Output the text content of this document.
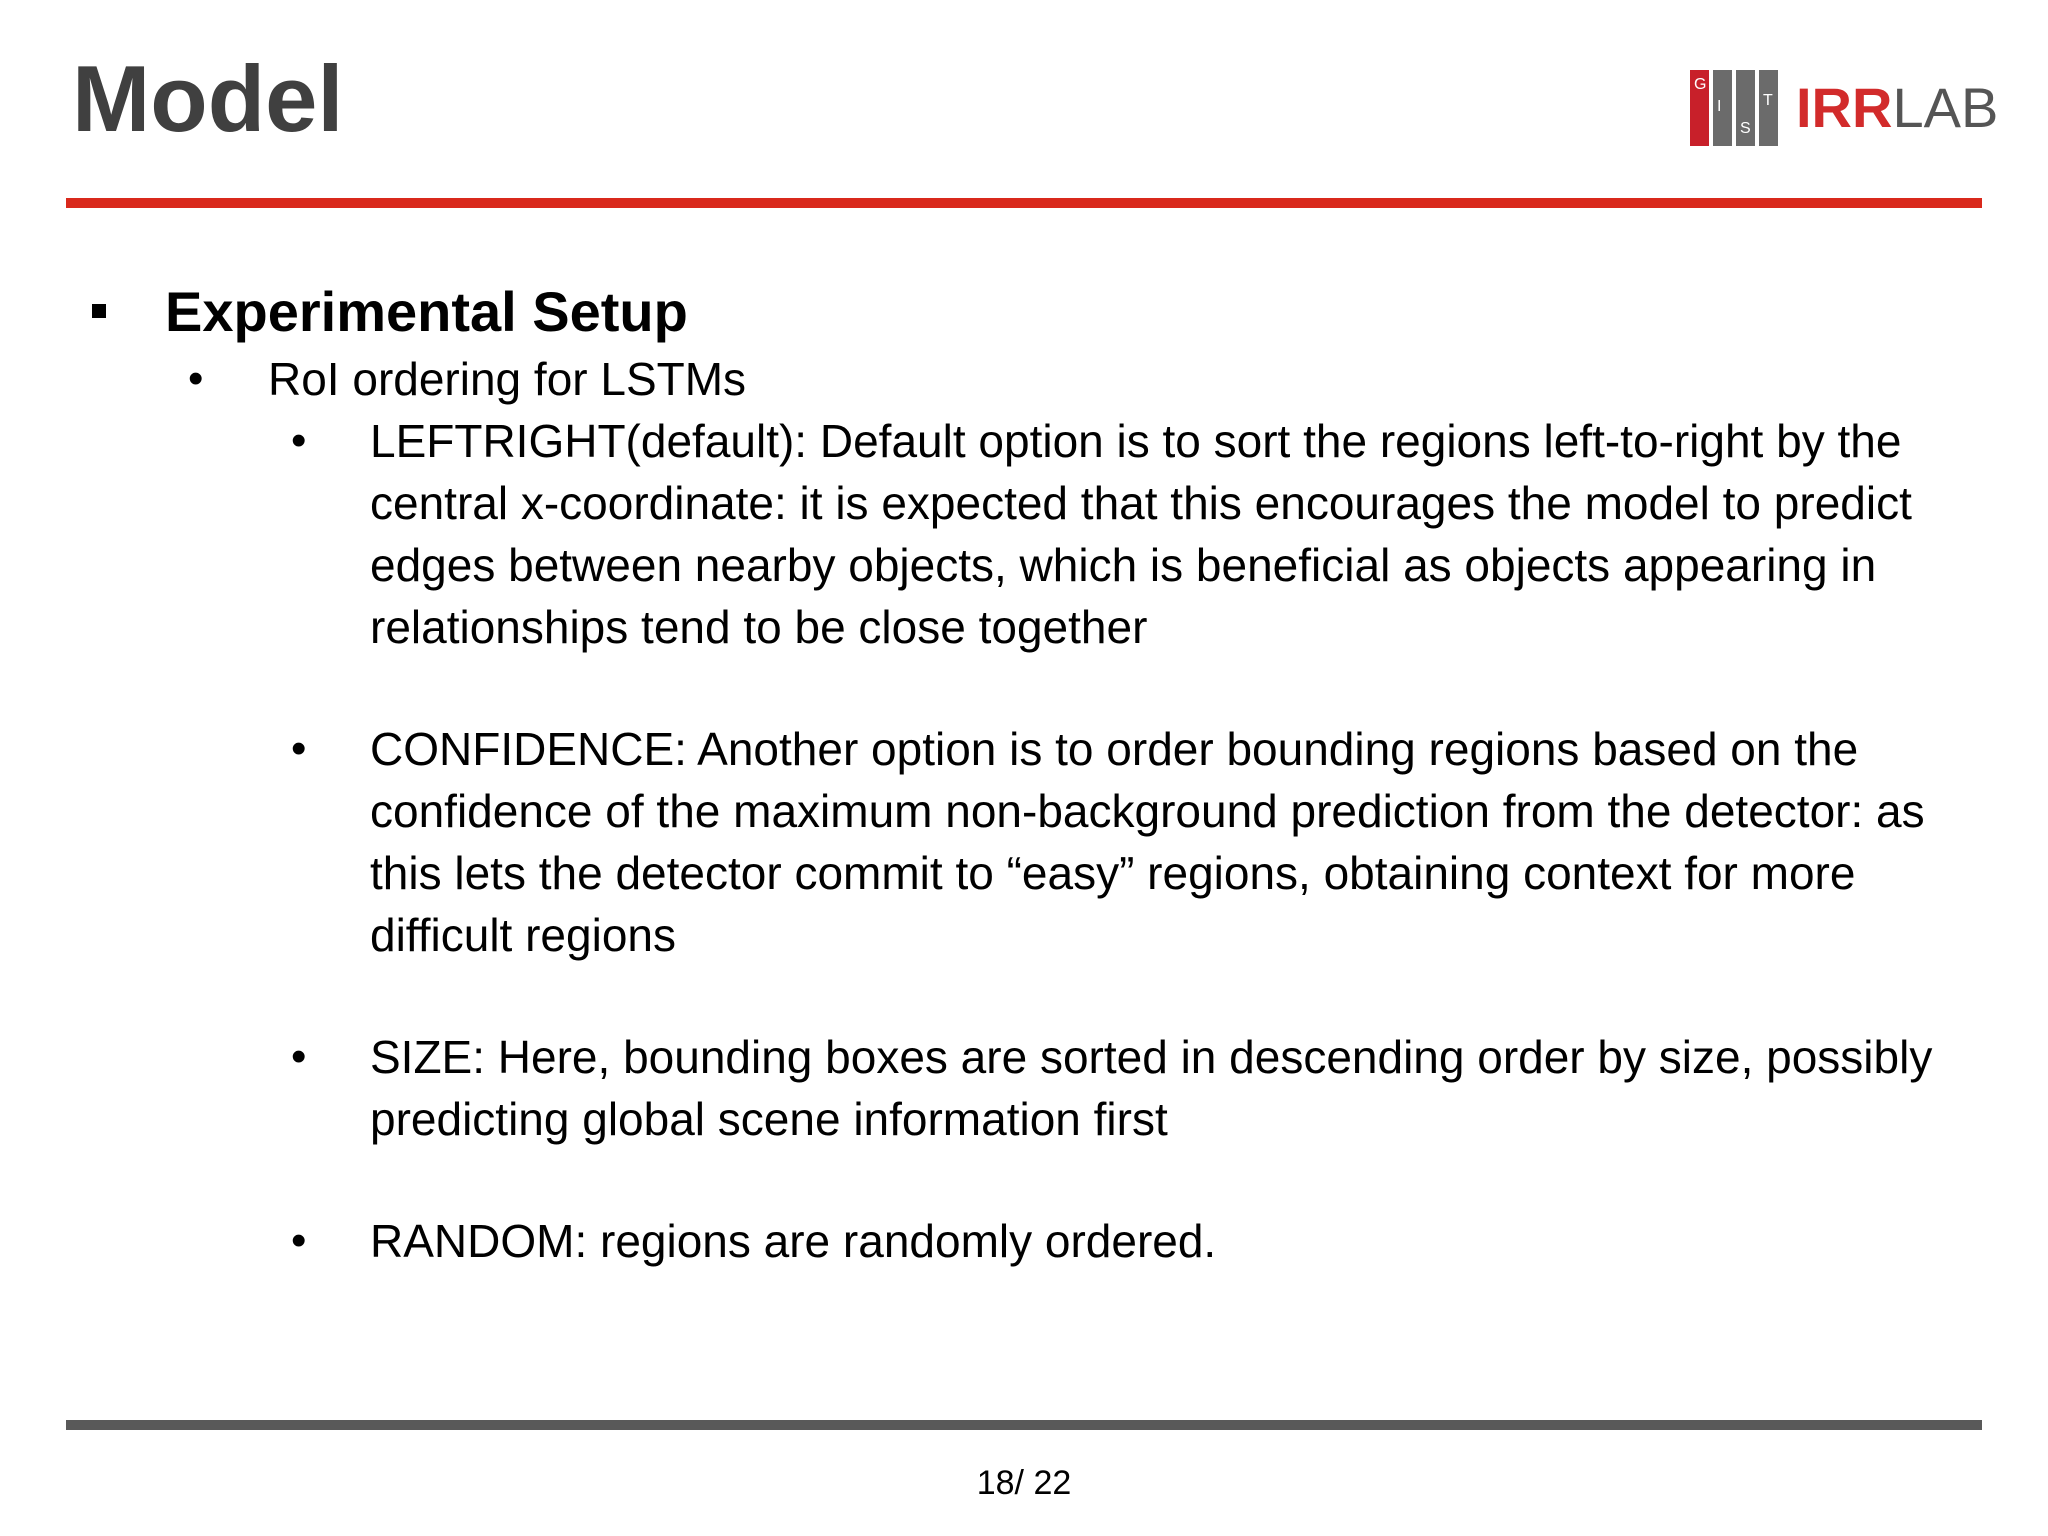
Model	G
I
S
T IRRLAB
Experimental Setup
• RoI ordering for LSTMs
• LEFTRIGHT(default): Default option is to sort the regions left-to-right by the central x-coordinate: it is expected that this encourages the model to predict edges between nearby objects, which is beneficial as objects appearing in relationships tend to be close together
• CONFIDENCE: Another option is to order bounding regions based on the confidence of the maximum non-background prediction from the detector: as this lets the detector commit to “easy” regions, obtaining context for more difficult regions
• SIZE: Here, bounding boxes are sorted in descending order by size, possibly predicting global scene information first
• RANDOM: regions are randomly ordered.
18/ 22
